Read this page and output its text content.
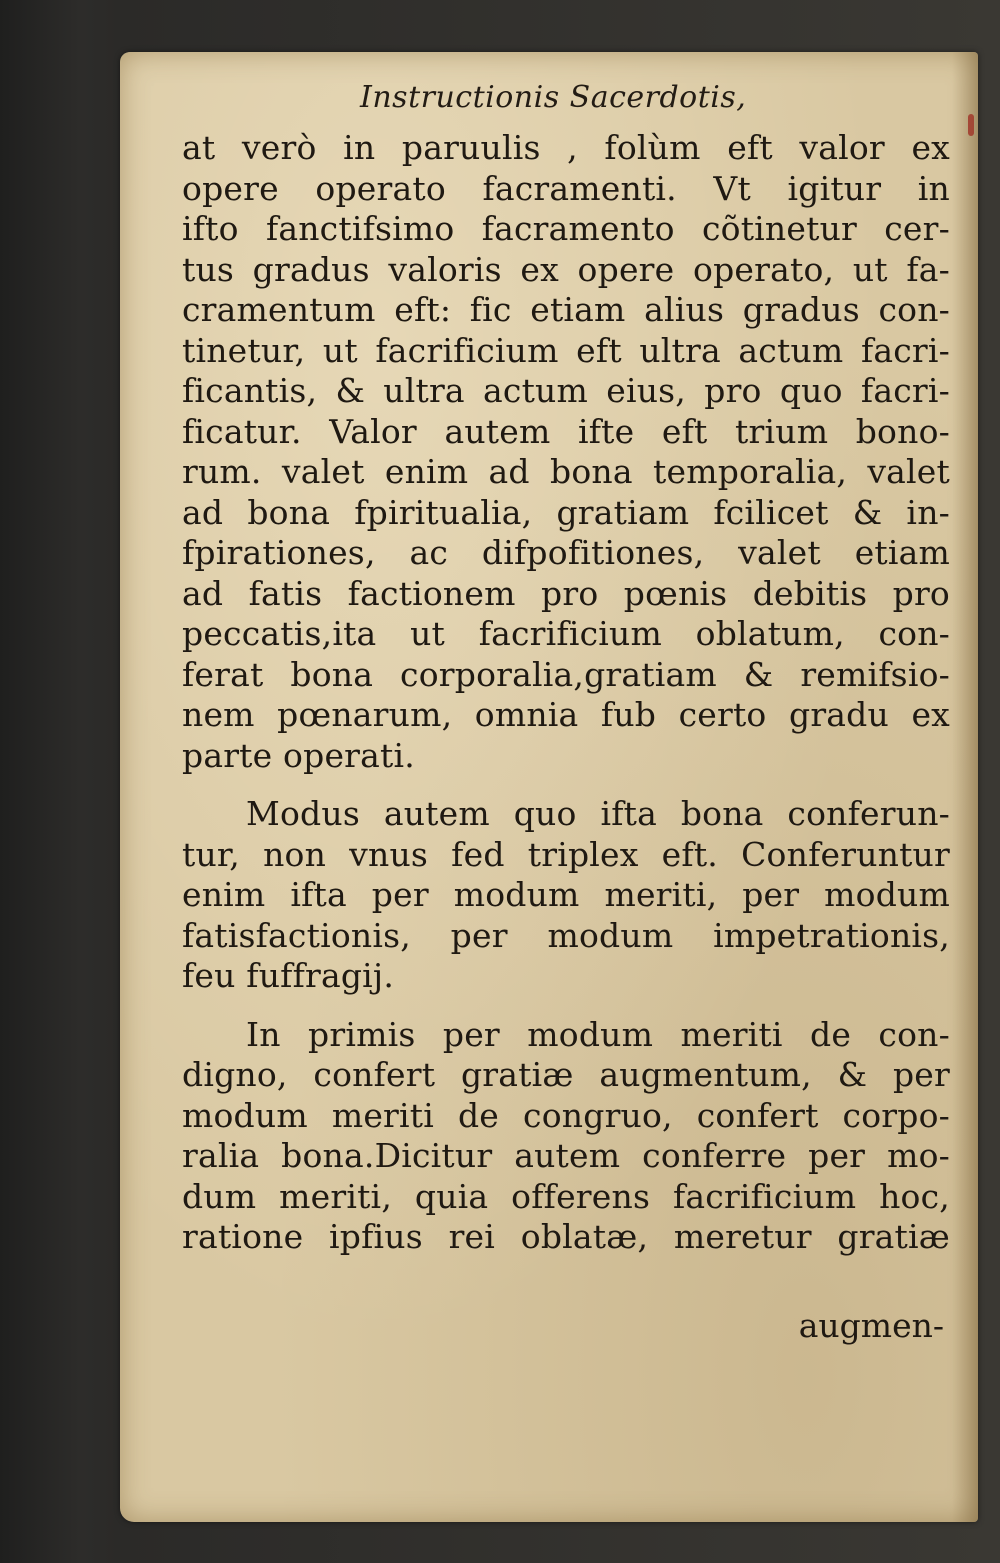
Instructionis Sacerdotis,
at verò in paruulis , folùm eft valor ex
opere operato facramenti. Vt igitur in
ifto fanctifsimo facramento cõtinetur cer-
tus gradus valoris ex opere operato, ut fa-
cramentum eft: fic etiam alius gradus con-
tinetur, ut facrificium eft ultra actum facri-
ficantis, & ultra actum eius, pro quo facri-
ficatur. Valor autem ifte eft trium bono-
rum. valet enim ad bona temporalia, valet
ad bona fpiritualia, gratiam fcilicet & in-
fpirationes, ac difpofitiones, valet etiam
ad fatis factionem pro pœnis debitis pro
peccatis,ita ut facrificium oblatum, con-
ferat bona corporalia,gratiam & remifsio-
nem pœnarum, omnia fub certo gradu ex
parte operati.
Modus autem quo ifta bona conferun-
tur, non vnus fed triplex eft. Conferuntur
enim ifta per modum meriti, per modum
fatisfactionis, per modum impetrationis,
feu fuffragij.
In primis per modum meriti de con-
digno, confert gratiæ augmentum, & per
modum meriti de congruo, confert corpo-
ralia bona.Dicitur autem conferre per mo-
dum meriti, quia offerens facrificium hoc,
ratione ipfius rei oblatæ, meretur gratiæ
augmen-
